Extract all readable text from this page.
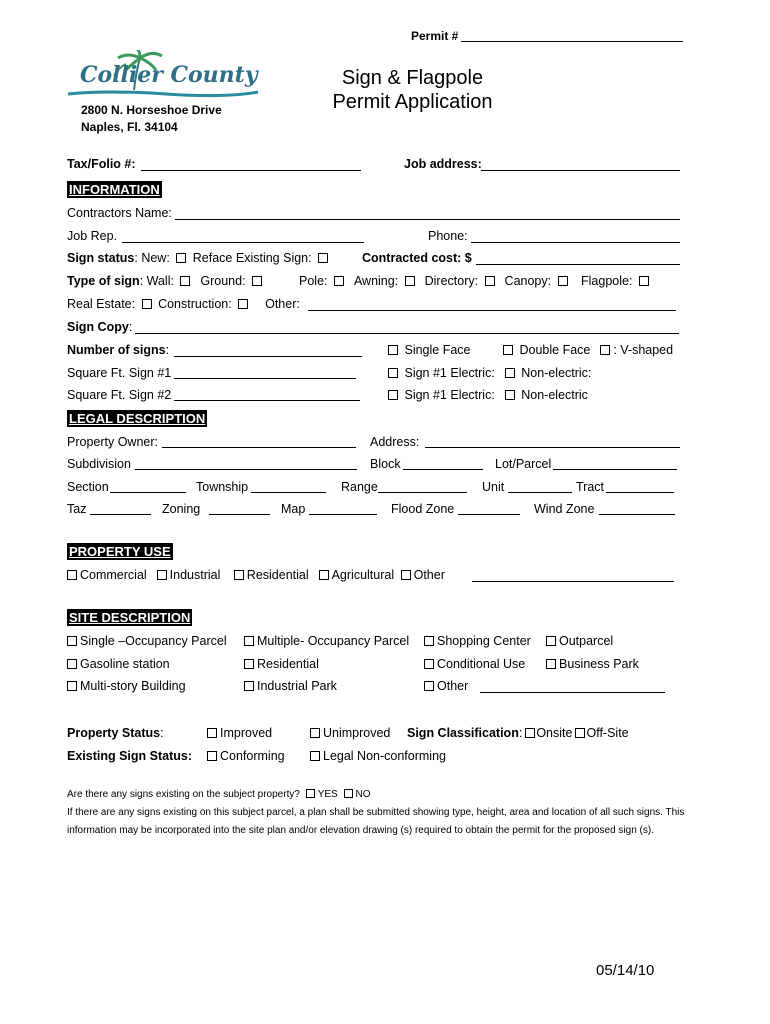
Permit #
Collier County
2800 N. Horseshoe Drive
Naples, Fl. 34104
Sign & Flagpole
Permit Application
Tax/Folio #:	Job address:
INFORMATION
Contractors Name:
Job Rep.	Phone:
Sign status: New: Reface Existing Sign:	Contracted cost: $
Type of sign: Wall: Ground:	Pole: Awning: Directory: Canopy: Flagpole:
Real Estate: Construction:	Other:
Sign Copy:
Number of signs:	Single Face	Double Face : V-shaped
Square Ft. Sign #1	Sign #1 Electric: Non-electric:
Square Ft. Sign #2	Sign #1 Electric: Non-electric
LEGAL DESCRIPTION
Property Owner:	Address:
Subdivision	Block	Lot/Parcel
Section	Township	Range	Unit	Tract
Taz	Zoning	Map	Flood Zone	Wind Zone
PROPERTY USE
Commercial Industrial Residential Agricultural Other
SITE DESCRIPTION
Single –Occupancy Parcel	Multiple- Occupancy Parcel	Shopping Center	Outparcel
Gasoline station	Residential	Conditional Use	Business Park
Multi-story Building	Industrial Park	Other
Property Status:	Improved	Unimproved Sign Classification: Onsite Off-Site
Existing Sign Status:	Conforming	Legal Non-conforming
Are there any signs existing on the subject property? YES NO
If there are any signs existing on this subject parcel, a plan shall be submitted showing type, height, area and location of all such signs. This
information may be incorporated into the site plan and/or elevation drawing (s) required to obtain the permit for the proposed sign (s).
05/14/10
